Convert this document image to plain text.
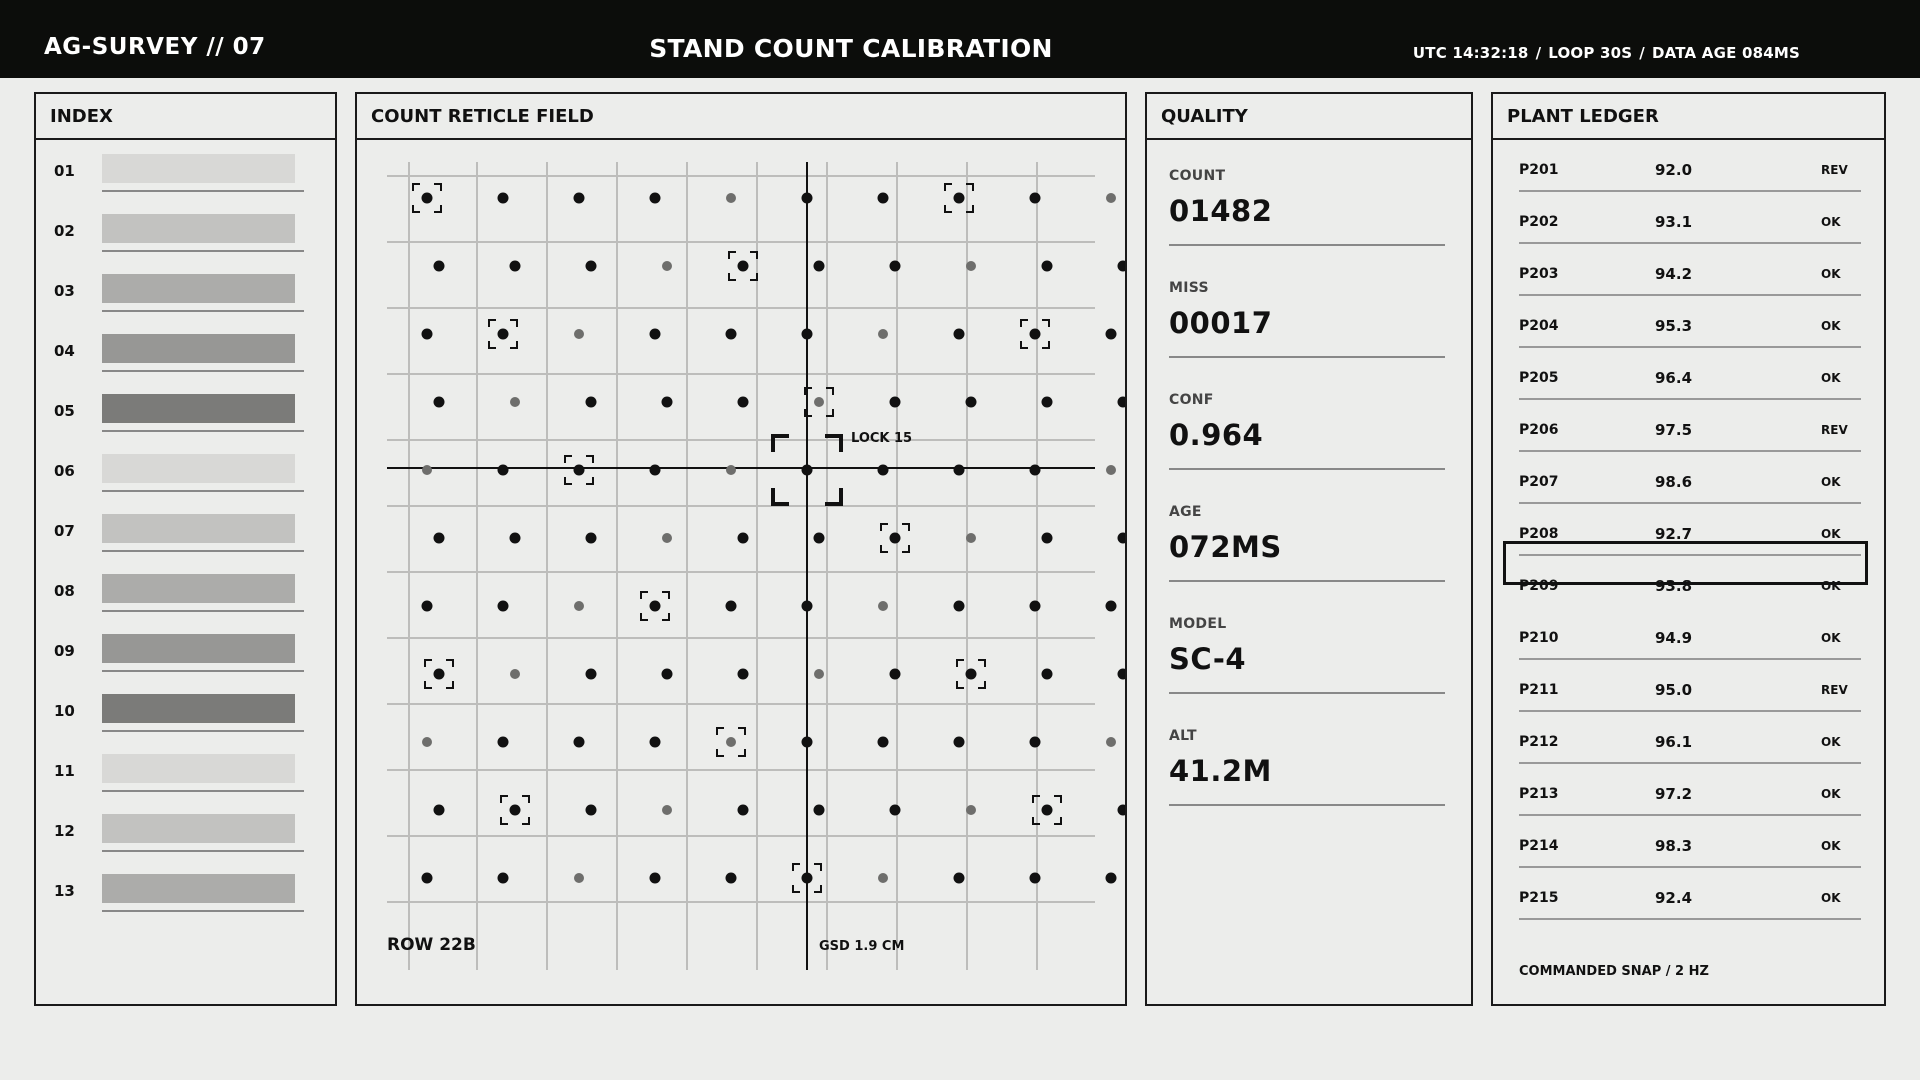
AG-SURVEY // 07	STAND COUNT CALIBRATION	UTC 14:32:18 / LOOP 30S / DATA AGE 084MS
INDEX
01
02
03
04
05
06
07
08
09
10
11
12
13
COUNT RETICLE FIELD
LOCK 15
ROW 22B	GSD 1.9 CM
QUALITY
COUNT
01482
MISS
00017
CONF
0.964
AGE
072MS
MODEL
SC-4
ALT
41.2M
PLANT LEDGER
P201	92.0	REV
P202	93.1	OK
P203	94.2	OK
P204	95.3	OK
P205	96.4	OK
P206	97.5	REV
P207	98.6	OK
P208	92.7	OK
P209	93.8	OK
P210	94.9	OK
P211	95.0	REV
P212	96.1	OK
P213	97.2	OK
P214	98.3	OK
P215	92.4	OK
COMMANDED SNAP / 2 HZ
